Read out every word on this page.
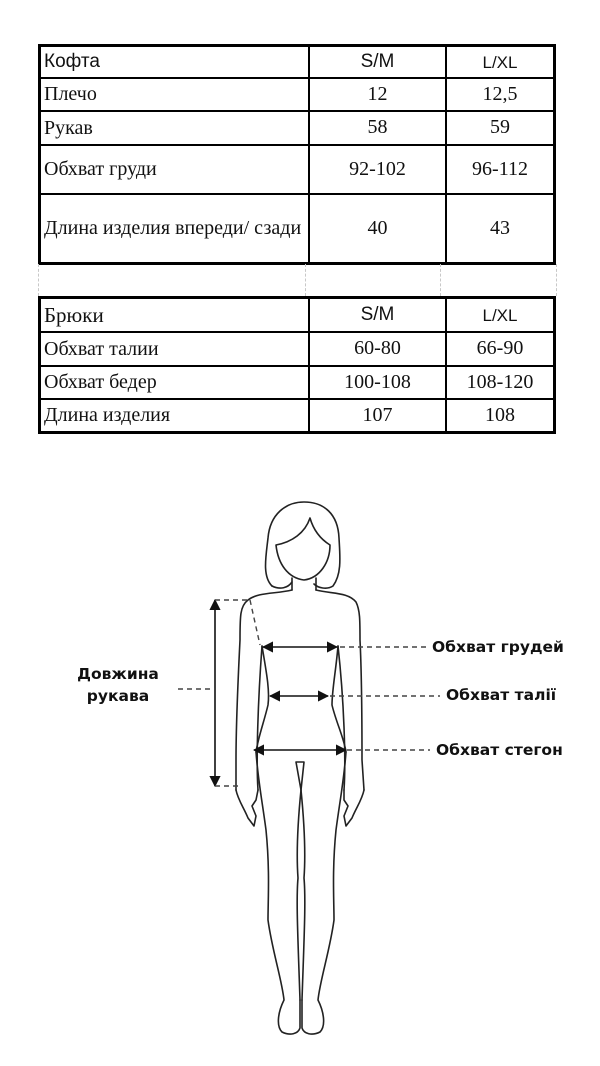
Кофта	S/M	L/XL
Плечо	12	12,5
Рукав	58	59
Обхват груди	92-102	96-112
Длина изделия впереди/ сзади	40	43
Брюки	S/M	L/XL
Обхват талии	60-80	66-90
Обхват бедер	100-108	108-120
Длина изделия	107	108
Довжина рукава
Обхват грудей
Обхват талії
Обхват стегон
